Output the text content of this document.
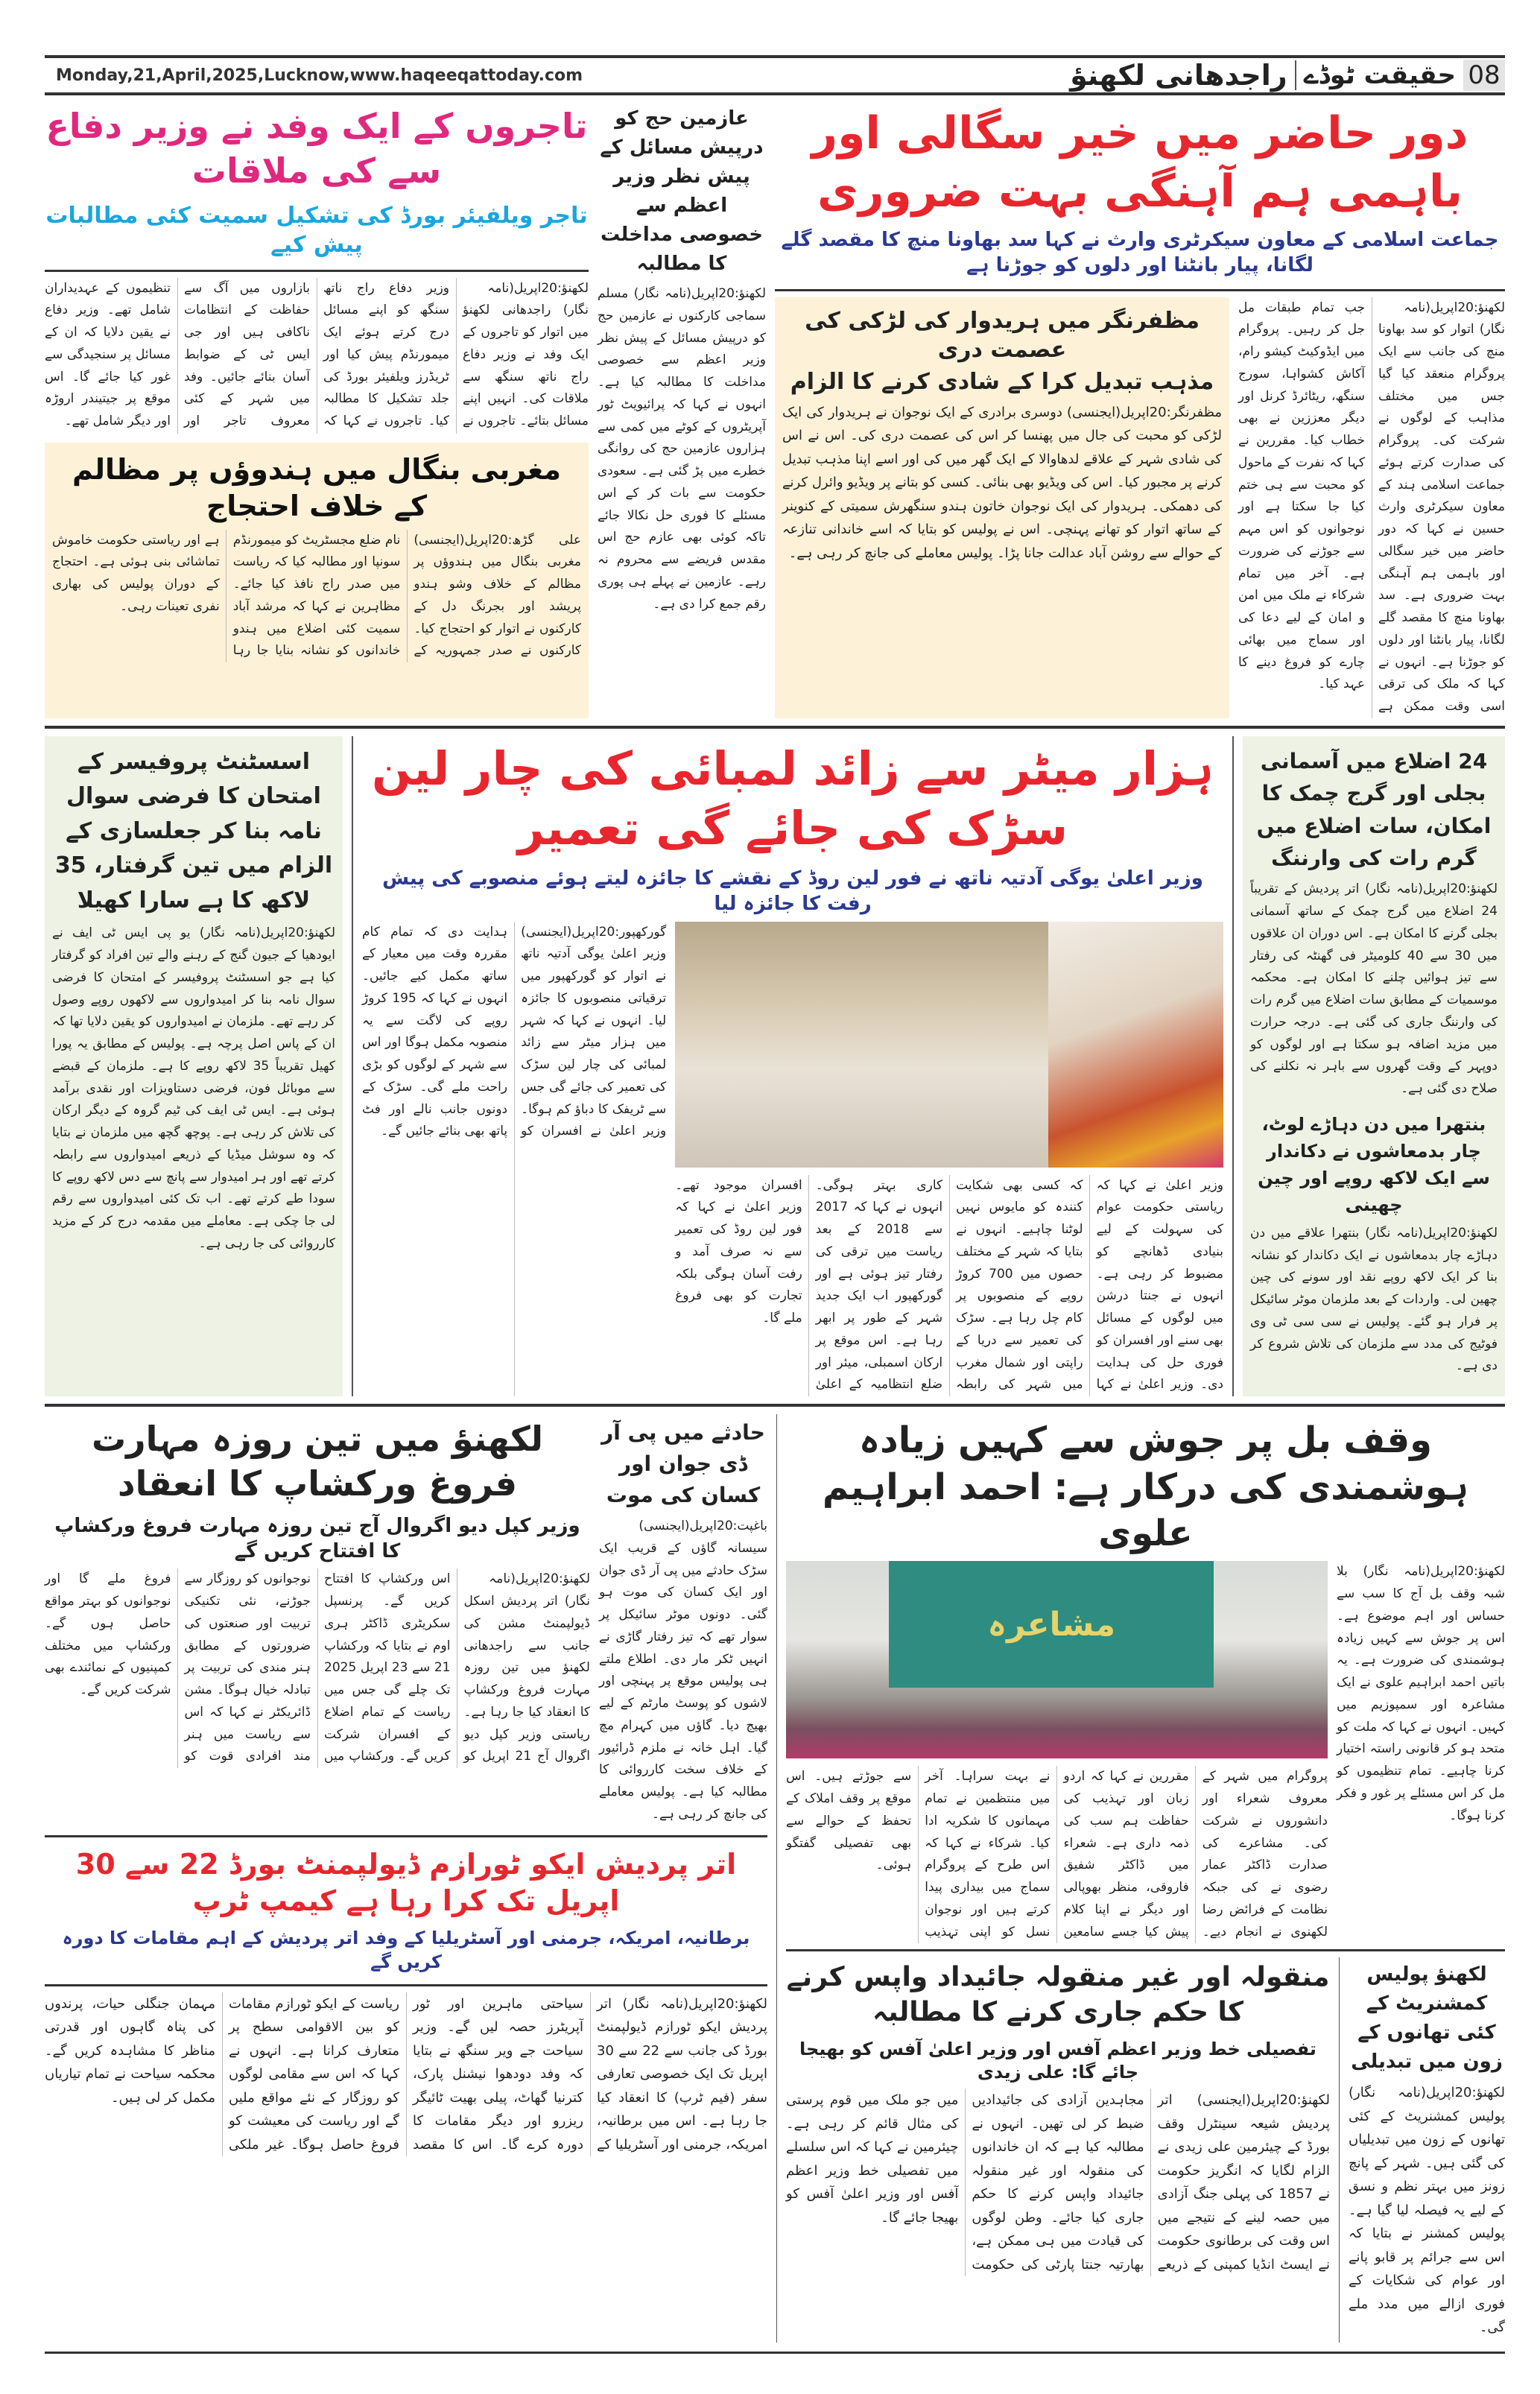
Monday,21,April,2025,Lucknow,www.haqeeqattoday.com	راجدھانی لکھنؤ حقیقت ٹوڈے 08
تاجروں کے ایک وفد نے وزیر دفاع سے کی ملاقات
تاجر ویلفیئر بورڈ کی تشکیل سمیت کئی مطالبات پیش کیے

لکھنؤ:20اپریل(نامہ نگار) راجدھانی لکھنؤ میں اتوار کو تاجروں کے ایک وفد نے وزیر دفاع راج ناتھ سنگھ سے ملاقات کی۔ انہیں اپنے مسائل بتائے۔ تاجروں نے وزیر دفاع راج ناتھ سنگھ کو اپنے مسائل درج کرتے ہوئے ایک میمورنڈم پیش کیا اور ٹریڈرز ویلفیئر بورڈ کی جلد تشکیل کا مطالبہ کیا۔ تاجروں نے کہا کہ بازاروں میں آگ سے حفاظت کے انتظامات ناکافی ہیں اور جی ایس ٹی کے ضوابط آسان بنائے جائیں۔ وفد میں شہر کے کئی معروف تاجر اور تنظیموں کے عہدیداران شامل تھے۔ وزیر دفاع نے یقین دلایا کہ ان کے مسائل پر سنجیدگی سے غور کیا جائے گا۔ اس موقع پر جیتیندر اروڑہ اور دیگر شامل تھے۔

مغربی بنگال میں ہندوؤں پر مظالم کے خلاف احتجاج

علی گڑھ:20اپریل(ایجنسی) مغربی بنگال میں ہندوؤں پر مظالم کے خلاف وشو ہندو پریشد اور بجرنگ دل کے کارکنوں نے اتوار کو احتجاج کیا۔ کارکنوں نے صدر جمہوریہ کے نام ضلع مجسٹریٹ کو میمورنڈم سونپا اور مطالبہ کیا کہ ریاست میں صدر راج نافذ کیا جائے۔ مظاہرین نے کہا کہ مرشد آباد سمیت کئی اضلاع میں ہندو خاندانوں کو نشانہ بنایا جا رہا ہے اور ریاستی حکومت خاموش تماشائی بنی ہوئی ہے۔ احتجاج کے دوران پولیس کی بھاری نفری تعینات رہی۔

عازمین حج کو درپیش مسائل کے پیش نظر وزیر اعظم سے خصوصی مداخلت کا مطالبہ

لکھنؤ:20اپریل(نامہ نگار) مسلم سماجی کارکنوں نے عازمین حج کو درپیش مسائل کے پیش نظر وزیر اعظم سے خصوصی مداخلت کا مطالبہ کیا ہے۔ انہوں نے کہا کہ پرائیویٹ ٹور آپریٹروں کے کوٹے میں کمی سے ہزاروں عازمین حج کی روانگی خطرے میں پڑ گئی ہے۔ سعودی حکومت سے بات کر کے اس مسئلے کا فوری حل نکالا جائے تاکہ کوئی بھی عازم حج اس مقدس فریضے سے محروم نہ رہے۔ عازمین نے پہلے ہی پوری رقم جمع کرا دی ہے۔

دور حاضر میں خیر سگالی اور باہمی ہم آہنگی بہت ضروری
جماعت اسلامی کے معاون سیکرٹری وارث نے کہا سد بھاونا منچ کا مقصد گلے لگانا، پیار بانٹنا اور دلوں کو جوڑنا ہے
مظفرنگر میں ہریدوار کی لڑکی کی عصمت دری
مذہب تبدیل کرا کے شادی کرنے کا الزام

مظفرنگر:20اپریل(ایجنسی) دوسری برادری کے ایک نوجوان نے ہریدوار کی ایک لڑکی کو محبت کی جال میں پھنسا کر اس کی عصمت دری کی۔ اس نے اس کی شادی شہر کے علاقے لدھاوالا کے ایک گھر میں کی اور اسے اپنا مذہب تبدیل کرنے پر مجبور کیا۔ اس کی ویڈیو بھی بنائی۔ کسی کو بتانے پر ویڈیو وائرل کرنے کی دھمکی۔ ہریدوار کی ایک نوجوان خاتون ہندو سنگھرش سمیتی کے کنوینر کے ساتھ اتوار کو تھانے پہنچی۔ اس نے پولیس کو بتایا کہ اسے خاندانی تنازعہ کے حوالے سے روشن آباد عدالت جانا پڑا۔ پولیس معاملے کی جانچ کر رہی ہے۔

لکھنؤ:20اپریل(نامہ نگار) اتوار کو سد بھاونا منچ کی جانب سے ایک پروگرام منعقد کیا گیا جس میں مختلف مذاہب کے لوگوں نے شرکت کی۔ پروگرام کی صدارت کرتے ہوئے جماعت اسلامی ہند کے معاون سیکرٹری وارث حسین نے کہا کہ دور حاضر میں خیر سگالی اور باہمی ہم آہنگی بہت ضروری ہے۔ سد بھاونا منچ کا مقصد گلے لگانا، پیار بانٹنا اور دلوں کو جوڑنا ہے۔ انہوں نے کہا کہ ملک کی ترقی اسی وقت ممکن ہے جب تمام طبقات مل جل کر رہیں۔ پروگرام میں ایڈوکیٹ کیشو رام، آکاش کشواہا، سورج سنگھ، ریٹائرڈ کرنل اور دیگر معززین نے بھی خطاب کیا۔ مقررین نے کہا کہ نفرت کے ماحول کو محبت سے ہی ختم کیا جا سکتا ہے اور نوجوانوں کو اس مہم سے جوڑنے کی ضرورت ہے۔ آخر میں تمام شرکاء نے ملک میں امن و امان کے لیے دعا کی اور سماج میں بھائی چارے کو فروغ دینے کا عہد کیا۔

اسسٹنٹ پروفیسر کے امتحان کا فرضی سوال نامہ بنا کر جعلسازی کے الزام میں تین گرفتار، 35 لاکھ کا ہے سارا کھیلا

لکھنؤ:20اپریل(نامہ نگار) یو پی ایس ٹی ایف نے ایودھیا کے جیون گنج کے رہنے والے تین افراد کو گرفتار کیا ہے جو اسسٹنٹ پروفیسر کے امتحان کا فرضی سوال نامہ بنا کر امیدواروں سے لاکھوں روپے وصول کر رہے تھے۔ ملزمان نے امیدواروں کو یقین دلایا تھا کہ ان کے پاس اصل پرچہ ہے۔ پولیس کے مطابق یہ پورا کھیل تقریباً 35 لاکھ روپے کا ہے۔ ملزمان کے قبضے سے موبائل فون، فرضی دستاویزات اور نقدی برآمد ہوئی ہے۔ ایس ٹی ایف کی ٹیم گروہ کے دیگر ارکان کی تلاش کر رہی ہے۔ پوچھ گچھ میں ملزمان نے بتایا کہ وہ سوشل میڈیا کے ذریعے امیدواروں سے رابطہ کرتے تھے اور ہر امیدوار سے پانچ سے دس لاکھ روپے کا سودا طے کرتے تھے۔ اب تک کئی امیدواروں سے رقم لی جا چکی ہے۔ معاملے میں مقدمہ درج کر کے مزید کارروائی کی جا رہی ہے۔

ہزار میٹر سے زائد لمبائی کی چار لین سڑک کی جائے گی تعمیر
وزیر اعلیٰ یوگی آدتیہ ناتھ نے فور لین روڈ کے نقشے کا جائزہ لیتے ہوئے منصوبے کی پیش رفت کا جائزہ لیا

گورکھپور:20اپریل(ایجنسی) وزیر اعلیٰ یوگی آدتیہ ناتھ نے اتوار کو گورکھپور میں ترقیاتی منصوبوں کا جائزہ لیا۔ انہوں نے کہا کہ شہر میں ہزار میٹر سے زائد لمبائی کی چار لین سڑک کی تعمیر کی جائے گی جس سے ٹریفک کا دباؤ کم ہوگا۔ وزیر اعلیٰ نے افسران کو ہدایت دی کہ تمام کام مقررہ وقت میں معیار کے ساتھ مکمل کیے جائیں۔ انہوں نے کہا کہ 195 کروڑ روپے کی لاگت سے یہ منصوبہ مکمل ہوگا اور اس سے شہر کے لوگوں کو بڑی راحت ملے گی۔ سڑک کے دونوں جانب نالے اور فٹ پاتھ بھی بنائے جائیں گے۔

وزیر اعلیٰ نے کہا کہ ریاستی حکومت عوام کی سہولت کے لیے بنیادی ڈھانچے کو مضبوط کر رہی ہے۔ انہوں نے جنتا درشن میں لوگوں کے مسائل بھی سنے اور افسران کو فوری حل کی ہدایت دی۔ وزیر اعلیٰ نے کہا کہ کسی بھی شکایت کنندہ کو مایوس نہیں لوٹنا چاہیے۔ انہوں نے بتایا کہ شہر کے مختلف حصوں میں 700 کروڑ روپے کے منصوبوں پر کام چل رہا ہے۔ سڑک کی تعمیر سے دریا کے راپتی اور شمال مغرب میں شہر کی رابطہ کاری بہتر ہوگی۔ انہوں نے کہا کہ 2017 سے 2018 کے بعد ریاست میں ترقی کی رفتار تیز ہوئی ہے اور گورکھپور اب ایک جدید شہر کے طور پر ابھر رہا ہے۔ اس موقع پر ارکان اسمبلی، میئر اور ضلع انتظامیہ کے اعلیٰ افسران موجود تھے۔ وزیر اعلیٰ نے کہا کہ فور لین روڈ کی تعمیر سے نہ صرف آمد و رفت آسان ہوگی بلکہ تجارت کو بھی فروغ ملے گا۔

24 اضلاع میں آسمانی بجلی اور گرج چمک کا امکان، سات اضلاع میں گرم رات کی وارننگ

لکھنؤ:20اپریل(نامہ نگار) اتر پردیش کے تقریباً 24 اضلاع میں گرج چمک کے ساتھ آسمانی بجلی گرنے کا امکان ہے۔ اس دوران ان علاقوں میں 30 سے 40 کلومیٹر فی گھنٹہ کی رفتار سے تیز ہوائیں چلنے کا امکان ہے۔ محکمہ موسمیات کے مطابق سات اضلاع میں گرم رات کی وارننگ جاری کی گئی ہے۔ درجہ حرارت میں مزید اضافہ ہو سکتا ہے اور لوگوں کو دوپہر کے وقت گھروں سے باہر نہ نکلنے کی صلاح دی گئی ہے۔

بنتھرا میں دن دہاڑے لوٹ، چار بدمعاشوں نے دکاندار سے ایک لاکھ روپے اور چین چھینی

لکھنؤ:20اپریل(نامہ نگار) بنتھرا علاقے میں دن دہاڑے چار بدمعاشوں نے ایک دکاندار کو نشانہ بنا کر ایک لاکھ روپے نقد اور سونے کی چین چھین لی۔ واردات کے بعد ملزمان موٹر سائیکل پر فرار ہو گئے۔ پولیس نے سی سی ٹی وی فوٹیج کی مدد سے ملزمان کی تلاش شروع کر دی ہے۔

لکھنؤ میں تین روزہ مہارت فروغ ورکشاپ کا انعقاد
وزیر کپل دیو اگروال آج تین روزہ مہارت فروغ ورکشاپ کا افتتاح کریں گے

لکھنؤ:20اپریل(نامہ نگار) اتر پردیش اسکل ڈیولپمنٹ مشن کی جانب سے راجدھانی لکھنؤ میں تین روزہ مہارت فروغ ورکشاپ کا انعقاد کیا جا رہا ہے۔ ریاستی وزیر کپل دیو اگروال آج 21 اپریل کو اس ورکشاپ کا افتتاح کریں گے۔ پرنسپل سکریٹری ڈاکٹر ہری اوم نے بتایا کہ ورکشاپ 21 سے 23 اپریل 2025 تک چلے گی جس میں ریاست کے تمام اضلاع کے افسران شرکت کریں گے۔ ورکشاپ میں نوجوانوں کو روزگار سے جوڑنے، نئی تکنیکی تربیت اور صنعتوں کی ضرورتوں کے مطابق ہنر مندی کی تربیت پر تبادلہ خیال ہوگا۔ مشن ڈائریکٹر نے کہا کہ اس سے ریاست میں ہنر مند افرادی قوت کو فروغ ملے گا اور نوجوانوں کو بہتر مواقع حاصل ہوں گے۔ ورکشاپ میں مختلف کمپنیوں کے نمائندے بھی شرکت کریں گے۔

حادثے میں پی آر ڈی جوان اور کسان کی موت

باغپت:20اپریل(ایجنسی) سیسانہ گاؤں کے قریب ایک سڑک حادثے میں پی آر ڈی جوان اور ایک کسان کی موت ہو گئی۔ دونوں موٹر سائیکل پر سوار تھے کہ تیز رفتار گاڑی نے انہیں ٹکر مار دی۔ اطلاع ملتے ہی پولیس موقع پر پہنچی اور لاشوں کو پوسٹ مارٹم کے لیے بھیج دیا۔ گاؤں میں کہرام مچ گیا۔ اہل خانہ نے ملزم ڈرائیور کے خلاف سخت کارروائی کا مطالبہ کیا ہے۔ پولیس معاملے کی جانچ کر رہی ہے۔

اتر پردیش ایکو ٹورازم ڈیولپمنٹ بورڈ 22 سے 30 اپریل تک کرا رہا ہے کیمپ ٹرپ
برطانیہ، امریکہ، جرمنی اور آسٹریلیا کے وفد اتر پردیش کے اہم مقامات کا دورہ کریں گے

لکھنؤ:20اپریل(نامہ نگار) اتر پردیش ایکو ٹورازم ڈیولپمنٹ بورڈ کی جانب سے 22 سے 30 اپریل تک ایک خصوصی تعارفی سفر (فیم ٹرپ) کا انعقاد کیا جا رہا ہے۔ اس میں برطانیہ، امریکہ، جرمنی اور آسٹریلیا کے سیاحتی ماہرین اور ٹور آپریٹرز حصہ لیں گے۔ وزیر سیاحت جے ویر سنگھ نے بتایا کہ وفد دودھوا نیشنل پارک، کترنیا گھاٹ، پیلی بھیت ٹائیگر ریزرو اور دیگر مقامات کا دورہ کرے گا۔ اس کا مقصد ریاست کے ایکو ٹورازم مقامات کو بین الاقوامی سطح پر متعارف کرانا ہے۔ انہوں نے کہا کہ اس سے مقامی لوگوں کو روزگار کے نئے مواقع ملیں گے اور ریاست کی معیشت کو فروغ حاصل ہوگا۔ غیر ملکی مہمان جنگلی حیات، پرندوں کی پناہ گاہوں اور قدرتی مناظر کا مشاہدہ کریں گے۔ محکمہ سیاحت نے تمام تیاریاں مکمل کر لی ہیں۔

وقف بل پر جوش سے کہیں زیادہ ہوشمندی کی درکار ہے: احمد ابراہیم علوی
مشاعرہ

پروگرام میں شہر کے معروف شعراء اور دانشوروں نے شرکت کی۔ مشاعرے کی صدارت ڈاکٹر عمار رضوی نے کی جبکہ نظامت کے فرائض رضا لکھنوی نے انجام دیے۔ مقررین نے کہا کہ اردو زبان اور تہذیب کی حفاظت ہم سب کی ذمہ داری ہے۔ شعراء میں ڈاکٹر شفیق فاروقی، منظر بھوپالی اور دیگر نے اپنا کلام پیش کیا جسے سامعین نے بہت سراہا۔ آخر میں منتظمین نے تمام مہمانوں کا شکریہ ادا کیا۔ شرکاء نے کہا کہ اس طرح کے پروگرام سماج میں بیداری پیدا کرتے ہیں اور نوجوان نسل کو اپنی تہذیب سے جوڑتے ہیں۔ اس موقع پر وقف املاک کے تحفظ کے حوالے سے بھی تفصیلی گفتگو ہوئی۔

لکھنؤ:20اپریل(نامہ نگار) بلا شبہ وقف بل آج کا سب سے حساس اور اہم موضوع ہے۔ اس پر جوش سے کہیں زیادہ ہوشمندی کی ضرورت ہے۔ یہ باتیں احمد ابراہیم علوی نے ایک مشاعرہ اور سمپوزیم میں کہیں۔ انہوں نے کہا کہ ملت کو متحد ہو کر قانونی راستہ اختیار کرنا چاہیے۔ تمام تنظیموں کو مل کر اس مسئلے پر غور و فکر کرنا ہوگا۔

منقولہ اور غیر منقولہ جائیداد واپس کرنے کا حکم جاری کرنے کا مطالبہ
تفصیلی خط وزیر اعظم آفس اور وزیر اعلیٰ آفس کو بھیجا جائے گا: علی زیدی

لکھنؤ:20اپریل(ایجنسی) اتر پردیش شیعہ سینٹرل وقف بورڈ کے چیئرمین علی زیدی نے الزام لگایا کہ انگریز حکومت نے 1857 کی پہلی جنگ آزادی میں حصہ لینے کے نتیجے میں اس وقت کی برطانوی حکومت نے ایسٹ انڈیا کمپنی کے ذریعے مجاہدین آزادی کی جائیدادیں ضبط کر لی تھیں۔ انہوں نے مطالبہ کیا ہے کہ ان خاندانوں کی منقولہ اور غیر منقولہ جائیداد واپس کرنے کا حکم جاری کیا جائے۔ وطن لوگوں کی قیادت میں ہی ممکن ہے، بھارتیہ جنتا پارٹی کی حکومت میں جو ملک میں قوم پرستی کی مثال قائم کر رہی ہے۔ چیئرمین نے کہا کہ اس سلسلے میں تفصیلی خط وزیر اعظم آفس اور وزیر اعلیٰ آفس کو بھیجا جائے گا۔

لکھنؤ پولیس کمشنریٹ کے کئی تھانوں کے زون میں تبدیلی

لکھنؤ:20اپریل(نامہ نگار) پولیس کمشنریٹ کے کئی تھانوں کے زون میں تبدیلیاں کی گئی ہیں۔ شہر کے پانچ زونز میں بہتر نظم و نسق کے لیے یہ فیصلہ لیا گیا ہے۔ پولیس کمشنر نے بتایا کہ اس سے جرائم پر قابو پانے اور عوام کی شکایات کے فوری ازالے میں مدد ملے گی۔
